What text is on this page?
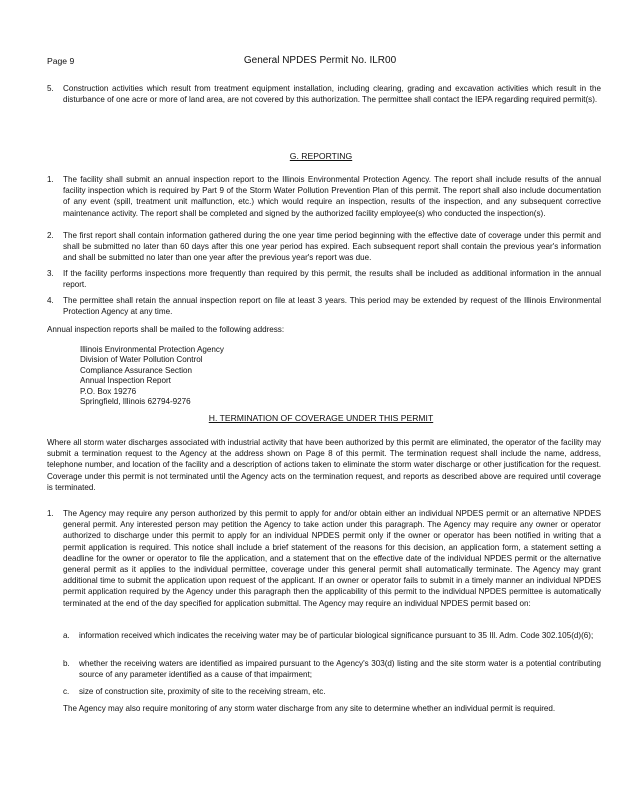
Page 9	General NPDES Permit No. ILR00
5. Construction activities which result from treatment equipment installation, including clearing, grading and excavation activities which result in the disturbance of one acre or more of land area, are not covered by this authorization. The permittee shall contact the IEPA regarding required permit(s).
G. REPORTING
1. The facility shall submit an annual inspection report to the Illinois Environmental Protection Agency. The report shall include results of the annual facility inspection which is required by Part 9 of the Storm Water Pollution Prevention Plan of this permit. The report shall also include documentation of any event (spill, treatment unit malfunction, etc.) which would require an inspection, results of the inspection, and any subsequent corrective maintenance activity. The report shall be completed and signed by the authorized facility employee(s) who conducted the inspection(s).
2. The first report shall contain information gathered during the one year time period beginning with the effective date of coverage under this permit and shall be submitted no later than 60 days after this one year period has expired. Each subsequent report shall contain the previous year's information and shall be submitted no later than one year after the previous year's report was due.
3. If the facility performs inspections more frequently than required by this permit, the results shall be included as additional information in the annual report.
4. The permittee shall retain the annual inspection report on file at least 3 years. This period may be extended by request of the Illinois Environmental Protection Agency at any time.
Annual inspection reports shall be mailed to the following address:
Illinois Environmental Protection Agency
Division of Water Pollution Control
Compliance Assurance Section
Annual Inspection Report
P.O. Box 19276
Springfield, Illinois 62794-9276
H. TERMINATION OF COVERAGE UNDER THIS PERMIT
Where all storm water discharges associated with industrial activity that have been authorized by this permit are eliminated, the operator of the facility may submit a termination request to the Agency at the address shown on Page 8 of this permit. The termination request shall include the name, address, telephone number, and location of the facility and a description of actions taken to eliminate the storm water discharge or other justification for the request. Coverage under this permit is not terminated until the Agency acts on the termination request, and reports as described above are required until coverage is terminated.
1. The Agency may require any person authorized by this permit to apply for and/or obtain either an individual NPDES permit or an alternative NPDES general permit. Any interested person may petition the Agency to take action under this paragraph. The Agency may require any owner or operator authorized to discharge under this permit to apply for an individual NPDES permit only if the owner or operator has been notified in writing that a permit application is required. This notice shall include a brief statement of the reasons for this decision, an application form, a statement setting a deadline for the owner or operator to file the application, and a statement that on the effective date of the individual NPDES permit or the alternative general permit as it applies to the individual permittee, coverage under this general permit shall automatically terminate. The Agency may grant additional time to submit the application upon request of the applicant. If an owner or operator fails to submit in a timely manner an individual NPDES permit application required by the Agency under this paragraph then the applicability of this permit to the individual NPDES permittee is automatically terminated at the end of the day specified for application submittal. The Agency may require an individual NPDES permit based on:
a. information received which indicates the receiving water may be of particular biological significance pursuant to 35 Ill. Adm. Code 302.105(d)(6);
b. whether the receiving waters are identified as impaired pursuant to the Agency's 303(d) listing and the site storm water is a potential contributing source of any parameter identified as a cause of that impairment;
c. size of construction site, proximity of site to the receiving stream, etc.
The Agency may also require monitoring of any storm water discharge from any site to determine whether an individual permit is required.
